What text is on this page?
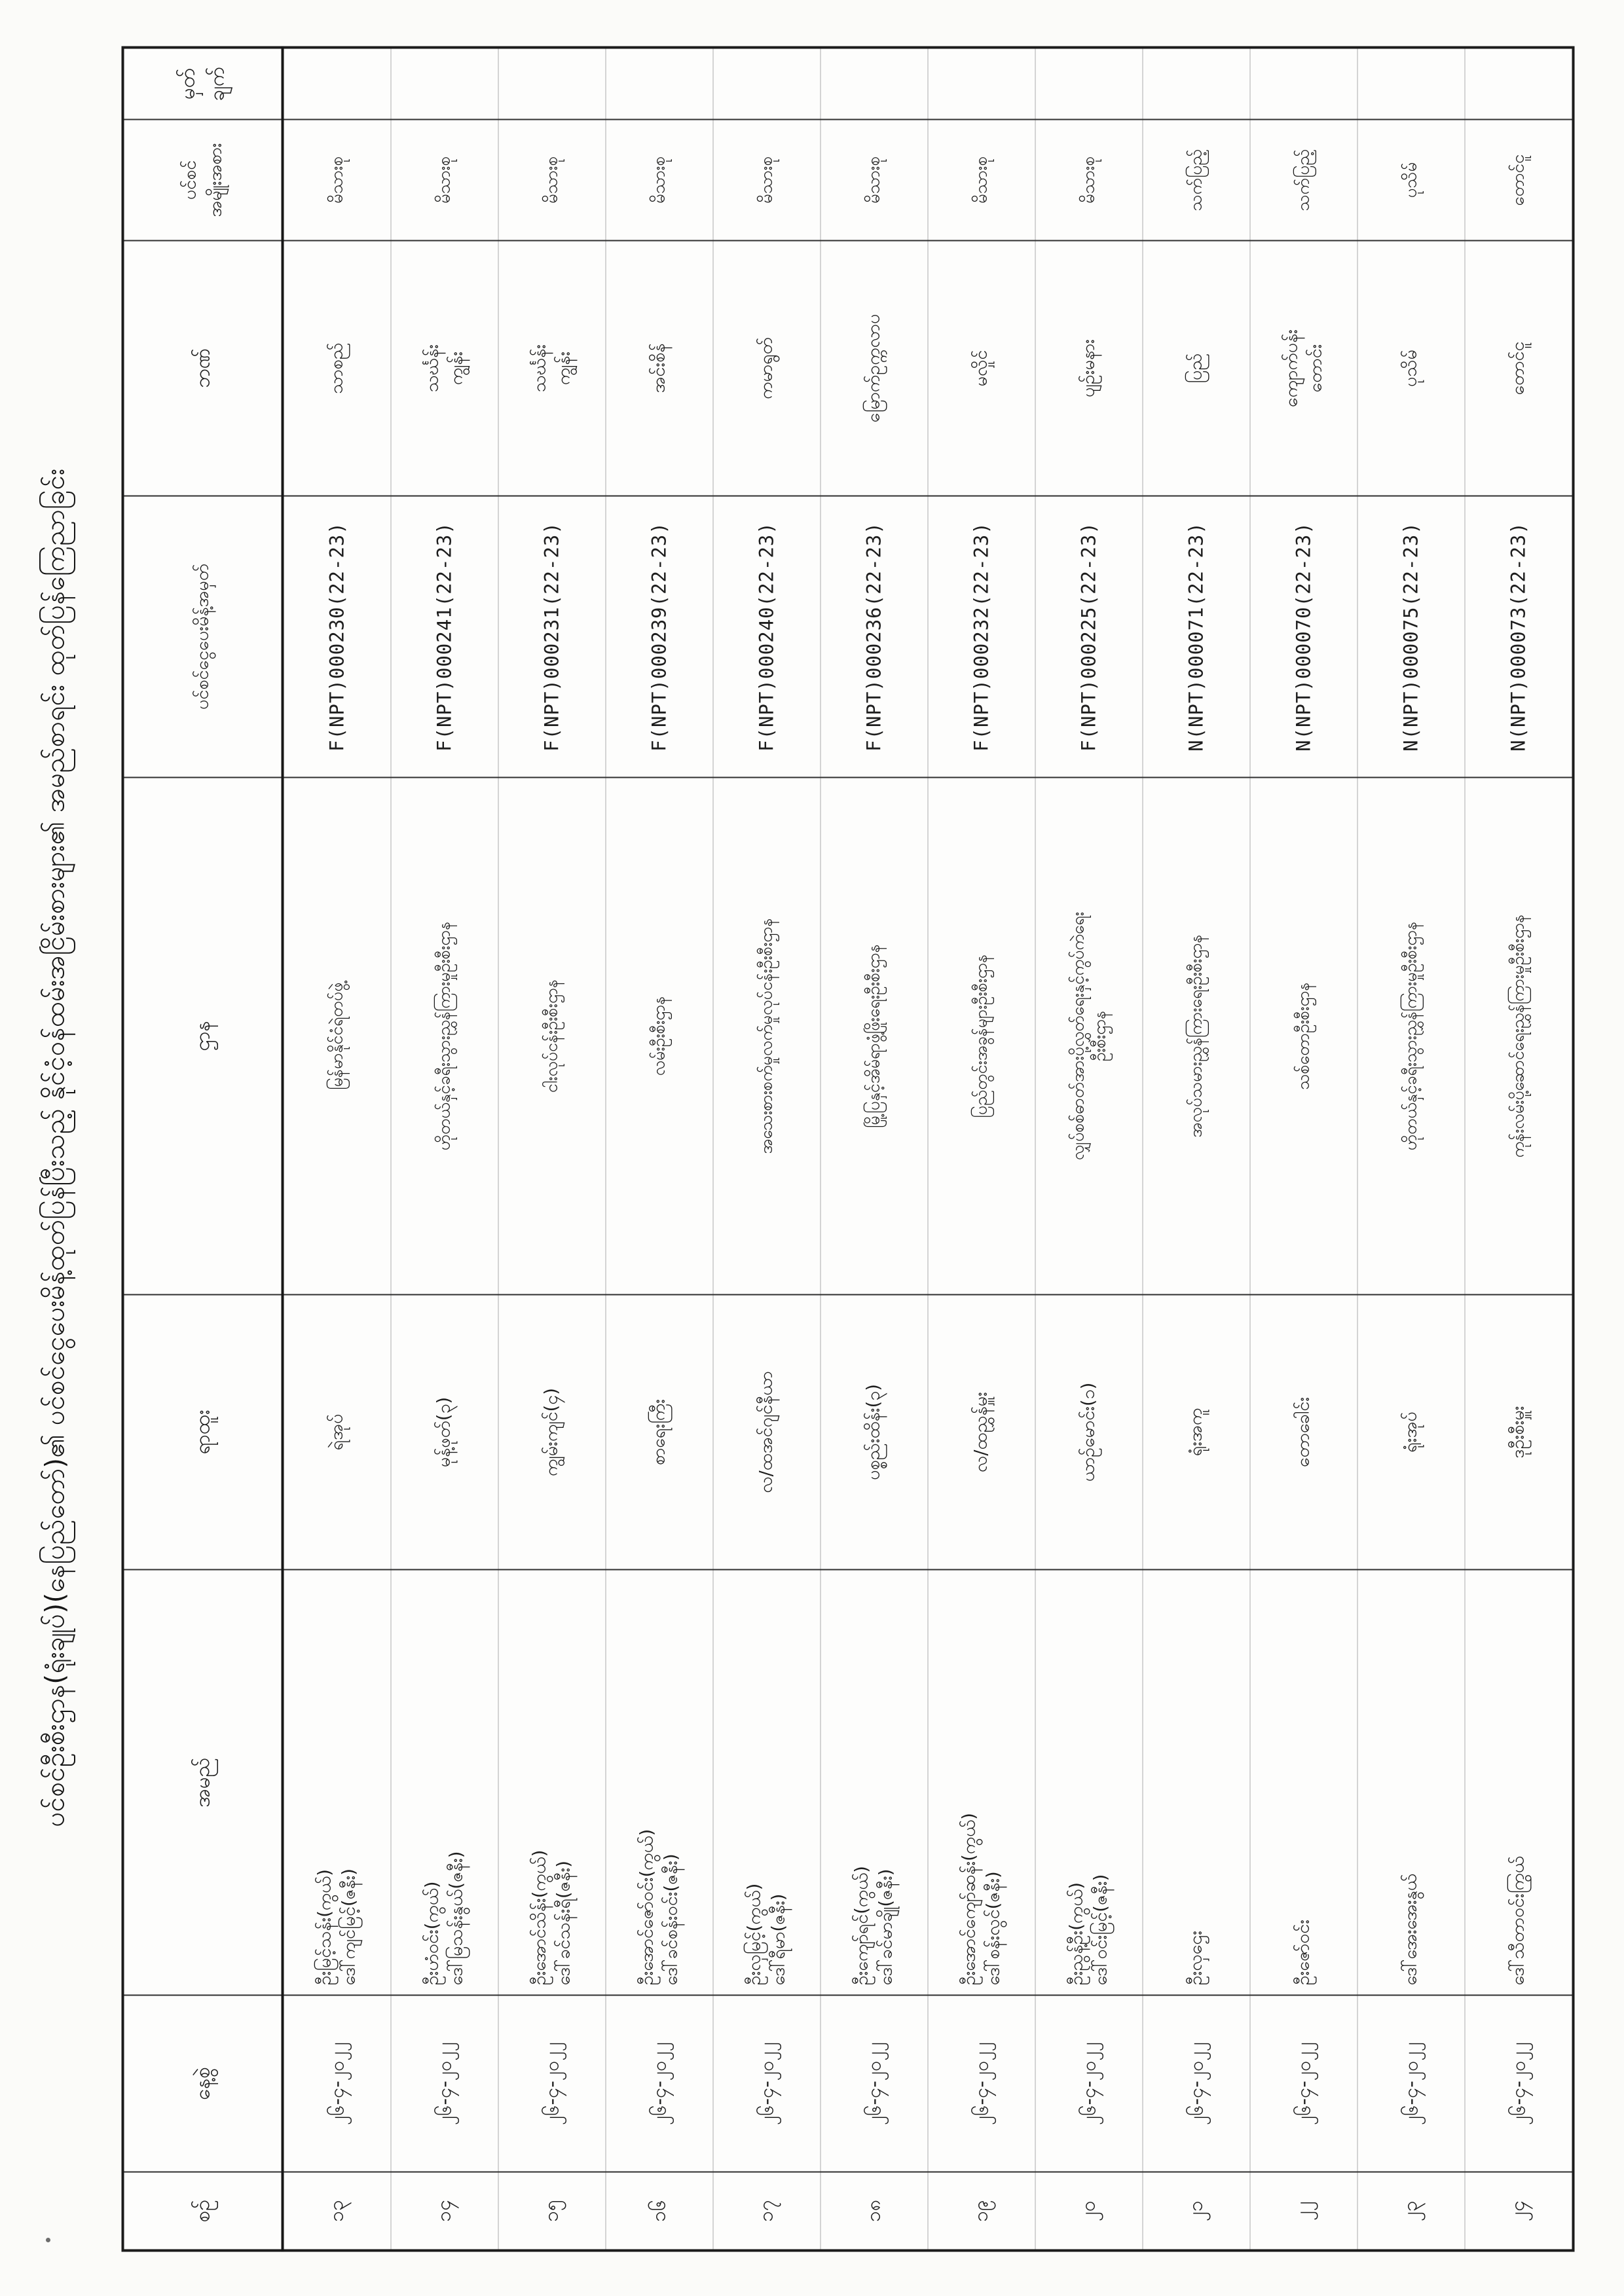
ပင်စင်ဦးစီးဌာန(ရုံးချုပ်)(နေပြည်တော်)၏ ပင်စင်ငွေပေးမိန့်ထုတ်ပြန်ပြီးသည့် နိုင်ငံ့ဝန်ထမ်းအငြိမ်းစားများ၏ အမည်စာရင်း ထုတ်ပြန်ကြေညာခြင်း
စဉ်	နေ့စွဲ	အမည်	ရာထူး	ဌာန	ပင်စင်ငွေပေးမိန့်အမှတ်	ဘဏ်	ပင်စင် အမျိုးအစား	မှတ် ချက်

၁၃	၂၆-၄-၂၀၂၂	ဦးမြင့်သန်း(ကွယ်) ဒေါ်ကျင်မြင့်(ဇနီး)	ရဲအုပ်	မြန်မာနိုင်ငံရဲတပ်ဖွဲ့	F(NPT)000230(22-23)	သာစည်	မိသားစု	
၁၄	၂၆-၄-၂၀၂၂	ဦးဟံဝင်း(ကွယ်) ဒေါ်မြသန်းနွယ်(ဇနီး)	မုန့်ဖုတ်(၃)	ဟိုတယ်နှင့်ခရီးသွားညွှန်ကြားမှုဦးစီးဌာန	F(NPT)000241(22-23)	သင်္ဃန်း ကျွန်း	မိသားစု	
၁၅	၂၆-၄-၂၀၂၂	ဦးအောင်သိန်း(ကွယ်) ဒေါ်ခင်သန်းရီ(ဇနီး)	ကျွမ်းကျင်(၄)	ငါးလုပ်ငန်းဦးစီးဌာန	F(NPT)000231(22-23)	သင်္ဃန်း ကျွန်း	မိသားစု	
၁၆	၂၆-၄-၂၀၂၂	ဦးအောင်ဇော်ဝင်း(ကွယ်) ဒေါ်ခင်စန်းဝင်း(ဇနီး)	စာရေးကြီး	လမ်းဦးစီးဌာန	F(NPT)000239(22-23)	အင်းစိန်	မိသားစု	
၁၇	၂၆-၄-၂၀၂၂	ဦးလှမြင့်(ကွယ်) ဒေါ်ရီမာ(ဇနီး)	လ/ထအင်ဂျင်နီယာ	အသေးစားစက်မှုလက်မှုလုပ်ငန်းဦးစီးဌာန	F(NPT)000240(22-23)	ကမာရွတ်	မိသားစု	
၁၈	၂၆-၄-၂၀၂၂	ဦးကျော်ရင်(ကွယ်) ဒေါ်ခင်မာချို(ဇနီး)	ပစ္စည်းထိန်း(၃)	မြို့ပြနှင့်အိမ်ရာဖွံ့ဖြိုးရေးဦးစီးဌာန	F(NPT)000236(22-23)	မြောက်ဥက္ကလာပ	မိသားစု	
၁၉	၂၆-၄-၂၀၂၂	ဦးအောင်ကျော်ဆန်း(ကွယ်) ဒေါ်စန်းလွင်(ဇနီး)	လ/ထညွှန်မှူး	ပြည်တွင်းအခွန်များဦးစီးဌာန	F(NPT)000232(22-23)	မလှိုင်	မိသားစု	
၂၀	၂၆-၄-၂၀၂၂	ဦးညွန့်ဦး(ကွယ်) ဒေါ်ဝင်းမြင့်(ဇနီး)	ယာဉ်မောင်း(၁)	လျှပ်စစ်ဓာတ်အားပို့လွှတ်ရေးနှင့်ကွပ်ကဲရေး ဦးစီးဌာန	F(NPT)000225(22-23)	ပျဉ်းမနား	မိသားစု	
၂၁	၂၆-၄-၂၀၂၂	ဦးလှဌေး	ရုံးအကူ	အလုပ်သမားညွှန်ကြားရေးဦးစီးဌာန	N(NPT)000071(22-23)	ပြည်	သက်ပြည့်	
၂၂	၂၆-၄-၂၀၂၂	ဦးဇော်ဝင်း	တောခေါင်း	သစ်တောဦးစီးဌာန	N(NPT)000070(22-23)	ကျောက်ပန်း တောင်း	သက်ပြည့်	
၂၃	၂၆-၄-၂၀၂၂	ဒေါ်အေးအေးနွယ်	ရုံးအုပ်	ဟိုတယ်နှင့်ခရီးသွားညွှန်ကြားမှုဦးစီးဌာန	N(NPT)000075(22-23)	ပုသိမ်	ပုသိမ်	
၂၄	၂၆-၄-၂၀၂၂	ဒေါ်သီတာဝင်းကြွယ်	ဒုဦးစီးမှူး	ကုန်းလမ်းပို့ဆောင်ရေးညွှန်ကြားမှုဦးစီးဌာန	N(NPT)000073(22-23)	တောင်ငူ	တောင်ငူ	
